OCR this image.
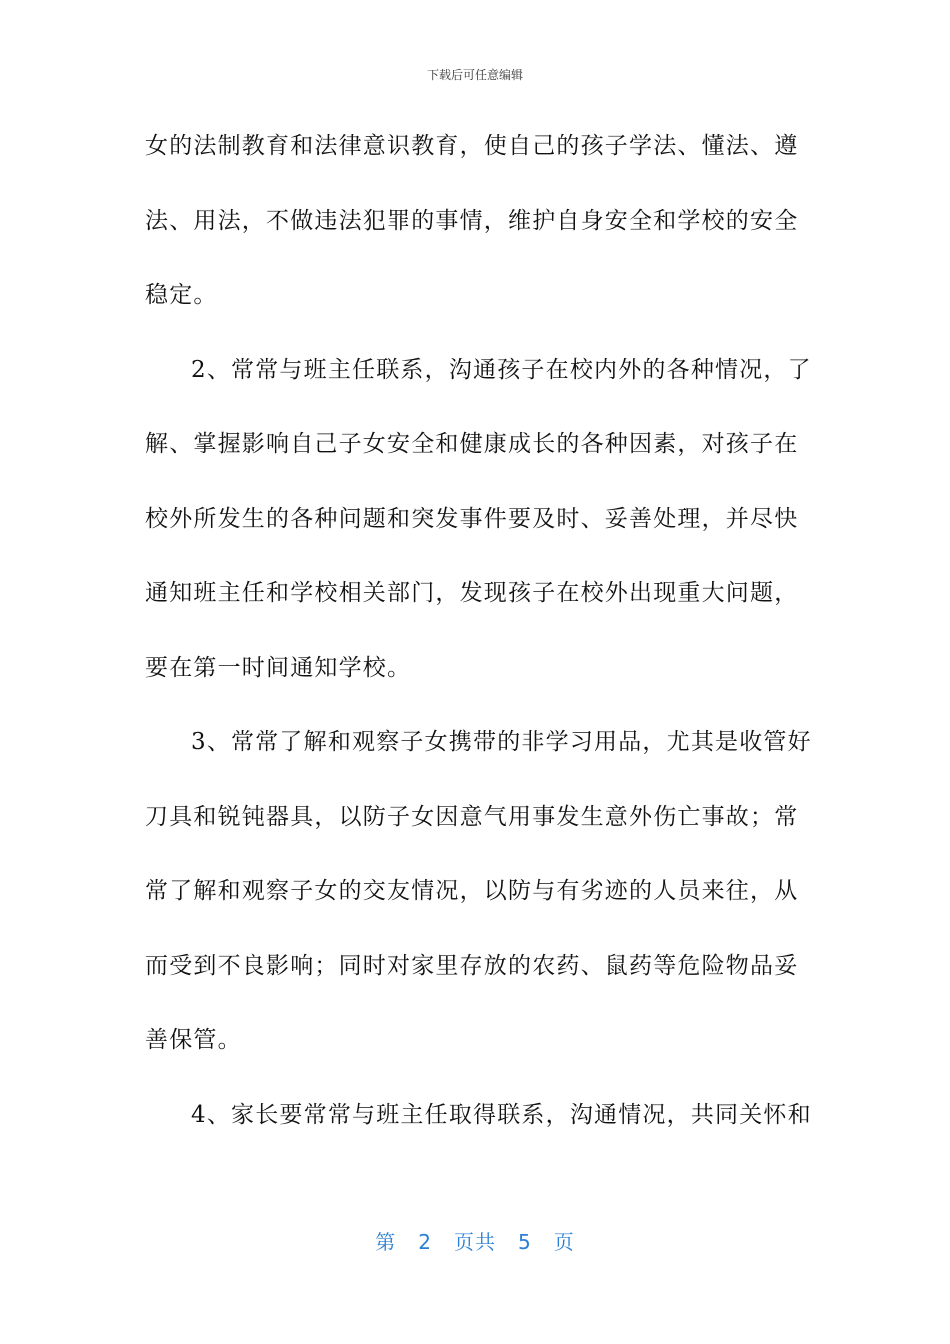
下载后可任意编辑
女的法制教育和法律意识教育，使自己的孩子学法、懂法、遵
法、用法，不做违法犯罪的事情，维护自身安全和学校的安全
稳定。
2、常常与班主任联系，沟通孩子在校内外的各种情况，了
解、掌握影响自己子女安全和健康成长的各种因素，对孩子在
校外所发生的各种问题和突发事件要及时、妥善处理，并尽快
通知班主任和学校相关部门，发现孩子在校外出现重大问题，
要在第一时间通知学校。
3、常常了解和观察子女携带的非学习用品，尤其是收管好
刀具和锐钝器具，以防子女因意气用事发生意外伤亡事故；常
常了解和观察子女的交友情况，以防与有劣迹的人员来往，从
而受到不良影响；同时对家里存放的农药、鼠药等危险物品妥
善保管。
4、家长要常常与班主任取得联系，沟通情况，共同关怀和
第 2 页共 5 页
